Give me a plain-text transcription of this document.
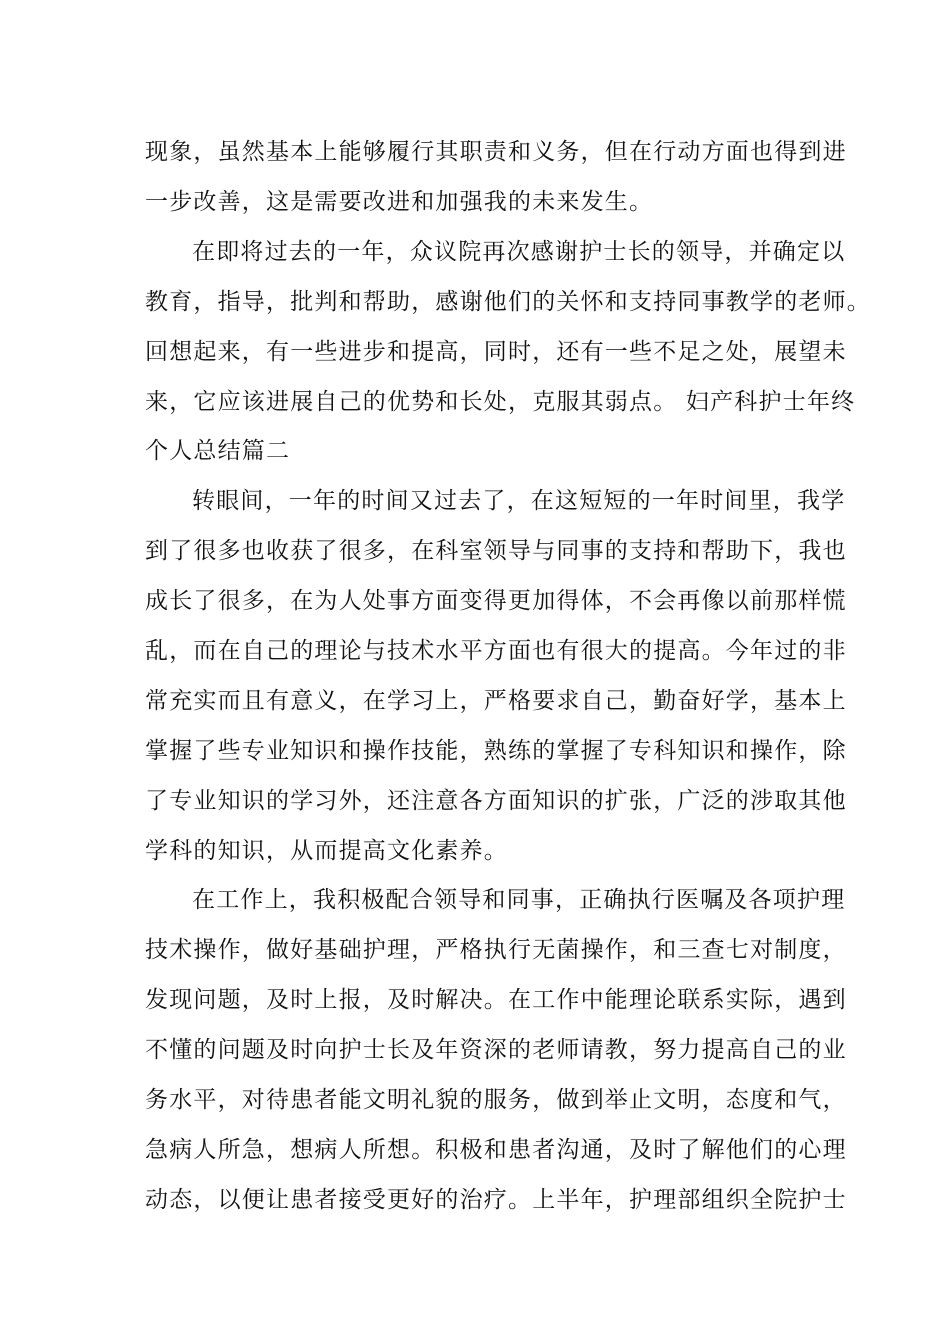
现象，虽然基本上能够履行其职责和义务，但在行动方面也得到进
一步改善，这是需要改进和加强我的未来发生。
在即将过去的一年，众议院再次感谢护士长的领导，并确定以
教育，指导，批判和帮助，感谢他们的关怀和支持同事教学的老师。
回想起来，有一些进步和提高，同时，还有一些不足之处，展望未
来，它应该进展自己的优势和长处，克服其弱点。 妇产科护士年终
个人总结篇二
转眼间，一年的时间又过去了，在这短短的一年时间里，我学
到了很多也收获了很多，在科室领导与同事的支持和帮助下，我也
成长了很多，在为人处事方面变得更加得体，不会再像以前那样慌
乱，而在自己的理论与技术水平方面也有很大的提高。今年过的非
常充实而且有意义，在学习上，严格要求自己，勤奋好学，基本上
掌握了些专业知识和操作技能，熟练的掌握了专科知识和操作，除
了专业知识的学习外，还注意各方面知识的扩张，广泛的涉取其他
学科的知识，从而提高文化素养。
在工作上，我积极配合领导和同事，正确执行医嘱及各项护理
技术操作，做好基础护理，严格执行无菌操作，和三查七对制度，
发现问题，及时上报，及时解决。在工作中能理论联系实际，遇到
不懂的问题及时向护士长及年资深的老师请教，努力提高自己的业
务水平，对待患者能文明礼貌的服务，做到举止文明，态度和气，
急病人所急，想病人所想。积极和患者沟通，及时了解他们的心理
动态，以便让患者接受更好的治疗。上半年，护理部组织全院护士
